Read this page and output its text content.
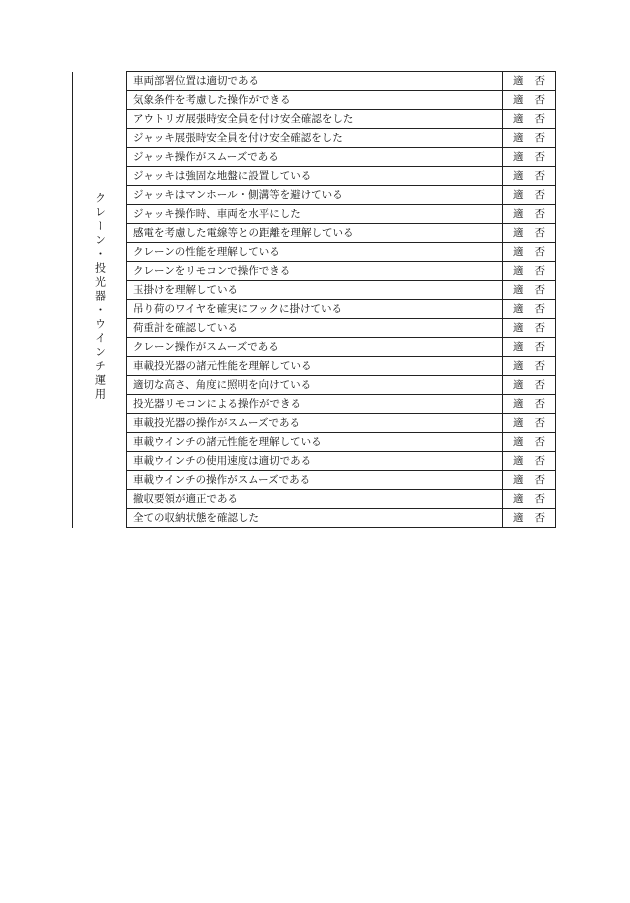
クレーン・投光器・ウインチ運用	車両部署位置は適切である	適 否
	気象条件を考慮した操作ができる	適 否
	アウトリガ展張時安全員を付け安全確認をした	適 否
	ジャッキ展張時安全員を付け安全確認をした	適 否
	ジャッキ操作がスムーズである	適 否
	ジャッキは強固な地盤に設置している	適 否
	ジャッキはマンホール・側溝等を避けている	適 否
	ジャッキ操作時、車両を水平にした	適 否
	感電を考慮した電線等との距離を理解している	適 否
	クレーンの性能を理解している	適 否
	クレーンをリモコンで操作できる	適 否
	玉掛けを理解している	適 否
	吊り荷のワイヤを確実にフックに掛けている	適 否
	荷重計を確認している	適 否
	クレーン操作がスムーズである	適 否
	車載投光器の諸元性能を理解している	適 否
	適切な高さ、角度に照明を向けている	適 否
	投光器リモコンによる操作ができる	適 否
	車載投光器の操作がスムーズである	適 否
	車載ウインチの諸元性能を理解している	適 否
	車載ウインチの使用速度は適切である	適 否
	車載ウインチの操作がスムーズである	適 否
	撤収要領が適正である	適 否
	全ての収納状態を確認した	適 否
